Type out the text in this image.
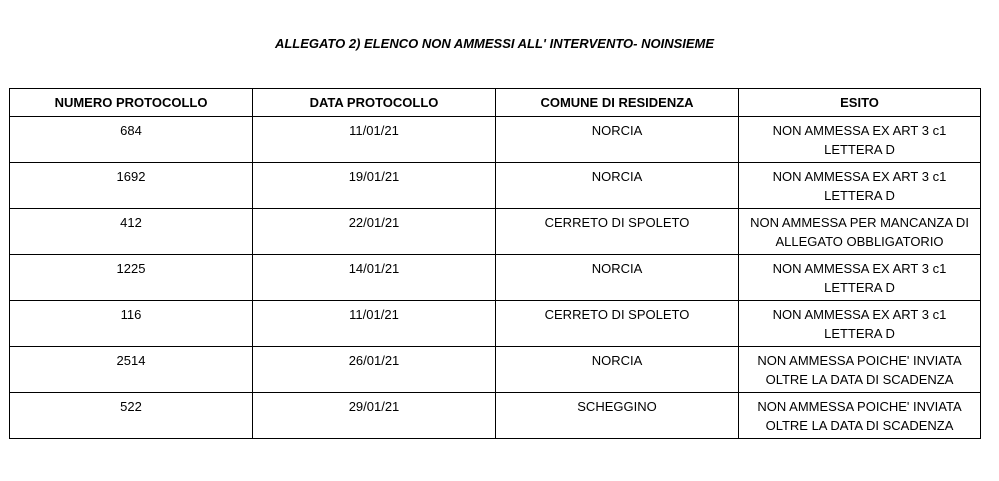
ALLEGATO 2) ELENCO NON AMMESSI ALL' INTERVENTO- NOINSIEME
NUMERO PROTOCOLLO	DATA PROTOCOLLO	COMUNE DI RESIDENZA	ESITO
684	11/01/21	NORCIA	NON AMMESSA EX ART 3 c1
LETTERA D

1692	19/01/21	NORCIA	NON AMMESSA EX ART 3 c1
LETTERA D

412	22/01/21	CERRETO DI SPOLETO	NON AMMESSA PER MANCANZA DI
ALLEGATO OBBLIGATORIO

1225	14/01/21	NORCIA	NON AMMESSA EX ART 3 c1
LETTERA D

116	11/01/21	CERRETO DI SPOLETO	NON AMMESSA EX ART 3 c1
LETTERA D

2514	26/01/21	NORCIA	NON AMMESSA POICHE' INVIATA
OLTRE LA DATA DI SCADENZA

522	29/01/21	SCHEGGINO	NON AMMESSA POICHE' INVIATA
OLTRE LA DATA DI SCADENZA
